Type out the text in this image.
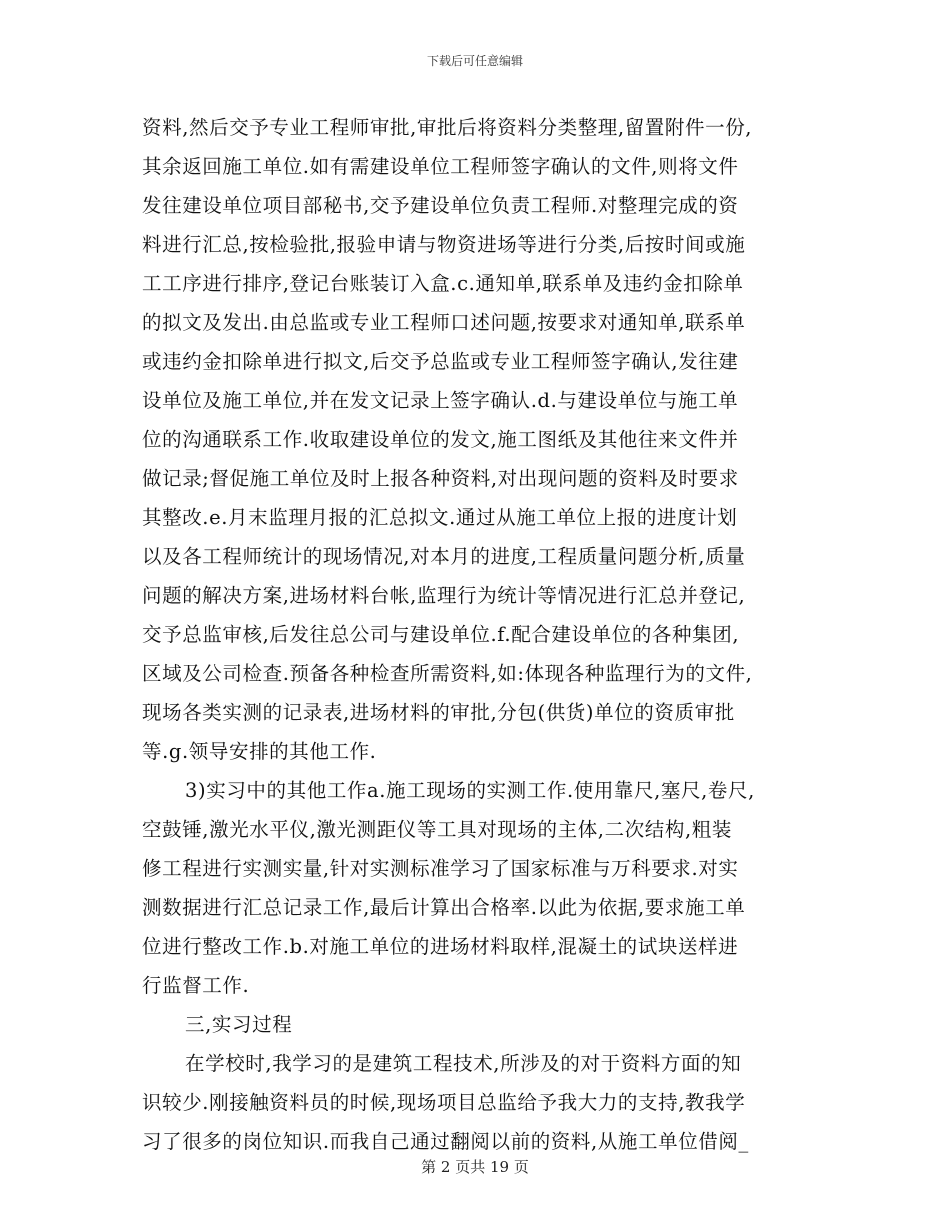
下载后可任意编辑
资料,然后交予专业工程师审批,审批后将资料分类整理,留置附件一份,
其余返回施工单位.如有需建设单位工程师签字确认的文件,则将文件
发往建设单位项目部秘书,交予建设单位负责工程师.对整理完成的资
料进行汇总,按检验批,报验申请与物资进场等进行分类,后按时间或施
工工序进行排序,登记台账装订入盒.c.通知单,联系单及违约金扣除单
的拟文及发出.由总监或专业工程师口述问题,按要求对通知单,联系单
或违约金扣除单进行拟文,后交予总监或专业工程师签字确认,发往建
设单位及施工单位,并在发文记录上签字确认.d.与建设单位与施工单
位的沟通联系工作.收取建设单位的发文,施工图纸及其他往来文件并
做记录;督促施工单位及时上报各种资料,对出现问题的资料及时要求
其整改.e.月末监理月报的汇总拟文.通过从施工单位上报的进度计划
以及各工程师统计的现场情况,对本月的进度,工程质量问题分析,质量
问题的解决方案,进场材料台帐,监理行为统计等情况进行汇总并登记,
交予总监审核,后发往总公司与建设单位.f.配合建设单位的各种集团,
区域及公司检查.预备各种检查所需资料,如:体现各种监理行为的文件,
现场各类实测的记录表,进场材料的审批,分包(供货)单位的资质审批
等.g.领导安排的其他工作.
3)实习中的其他工作a.施工现场的实测工作.使用靠尺,塞尺,卷尺,
空鼓锤,激光水平仪,激光测距仪等工具对现场的主体,二次结构,粗装
修工程进行实测实量,针对实测标准学习了国家标准与万科要求.对实
测数据进行汇总记录工作,最后计算出合格率.以此为依据,要求施工单
位进行整改工作.b.对施工单位的进场材料取样,混凝土的试块送样进
行监督工作.
三,实习过程
在学校时,我学习的是建筑工程技术,所涉及的对于资料方面的知
识较少.刚接触资料员的时候,现场项目总监给予我大力的支持,教我学
习了很多的岗位知识.而我自己通过翻阅以前的资料,从施工单位借阅_
第 2 页共 19 页
